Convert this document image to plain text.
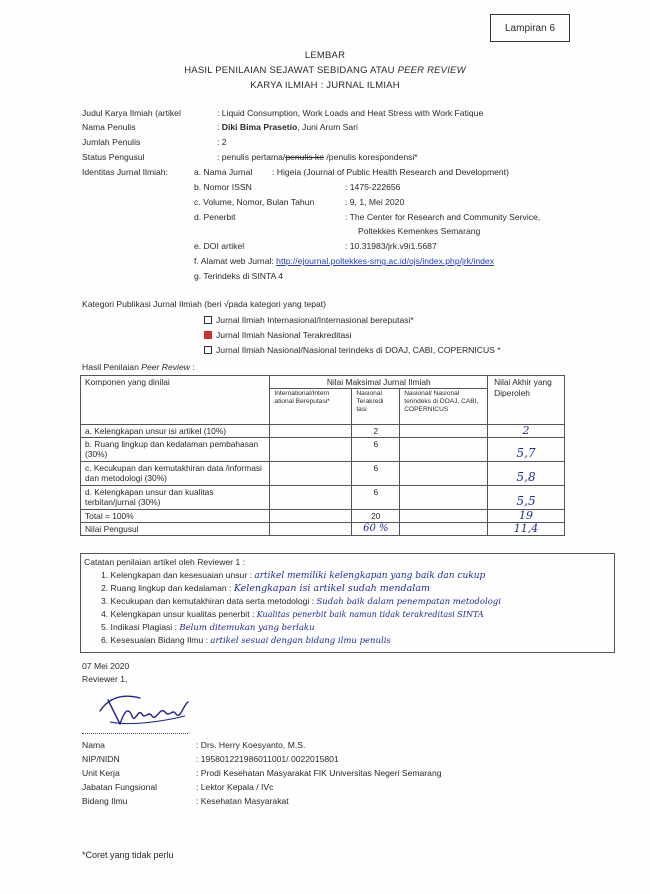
Lampiran 6
LEMBAR
HASIL PENILAIAN SEJAWAT SEBIDANG ATAU PEER REVIEW
KARYA ILMIAH : JURNAL ILMIAH
Judul Karya Ilmiah (artikel	: Liquid Consumption, Work Loads and Heat Stress with Work Fatique
Nama Penulis	: Diki Bima Prasetio, Juni Arum Sari
Jumlah Penulis	: 2
Status Pengusul	: penulis pertama/penulis ke /penulis korespondensi*
Identitas Jurnal Ilmiah:	a. Nama Jurnal : Higeia (Journal of Public Health Research and Development)
b. Nomor ISSN	: 1475-222656
c. Volume, Nomor, Bulan Tahun	: 9, 1, Mei 2020
d. Penerbit	: The Center for Research and Community Service,
Poltekkes Kemenkes Semarang
e. DOI artikel	: 10.31983/jrk.v9i1.5687
f. Alamat web Jurnal: http://ejournal.poltekkes-smg.ac.id/ojs/index.php/jrk/index
g. Terindeks di SINTA 4
Kategori Publikasi Jurnal Ilmiah (beri √pada kategori yang tepat)
Jurnal Ilmiah Internasional/Internasional bereputasi*
Jurnal Ilmiah Nasional Terakreditasi
Jurnal Ilmiah Nasional/Nasional terindeks di DOAJ, CABI, COPERNICUS *
Hasil Penilaian Peer Review :
Komponen yang dinilai	Nilai Maksimal Jurnal Ilmiah			Nilai Akhir yang Diperoleh
	International/Intern ational Bereputasi*	Nasional Terakredi tasi	Nasional/ Nasional terindeks di DOAJ, CABI, COPERNICUS	
a. Kelengkapan unsur isi artikel (10%)		2		2
b. Ruang lingkup dan kedalaman pembahasan (30%)		6		5,7
c. Kecukupan dan kemutakhiran data /informasi dan metodologi (30%)		6		5,8
d. Kelengkapan unsur dan kualitas terbitan/jurnal (30%)		6		5,5
Total = 100%		20		19
Nilai Pengusul		60 %		11,4
Catatan penilaian artikel oleh Reviewer 1 :
1. Kelengkapan dan kesesuaian unsur : artikel memiliki kelengkapan yang baik dan cukup
2. Ruang lingkup dan kedalaman : Kelengkapan isi artikel sudah mendalam
3. Kecukupan dan kemutakhiran data serta metodologi : Sudah baik dalam penempatan metodologi
4. Kelengkapan unsur kualitas penerbit : Kualitas penerbit baik namun tidak terakreditasi SINTA
5. Indikasi Plagiasi : Belum ditemukan yang berlaku
6. Kesesuaian Bidang Ilmu : artikel sesuai dengan bidang ilmu penulis
07 Mei 2020
Reviewer 1,
Nama	: Drs. Herry Koesyanto, M.S.
NIP/NIDN	: 195801221986011001/ 0022015801
Unit Kerja	: Prodi Kesehatan Masyarakat FIK Universitas Negeri Semarang
Jabatan Fungsional	: Lektor Kepala / IVc
Bidang Ilmu	: Kesehatan Masyarakat
*Coret yang tidak perlu
